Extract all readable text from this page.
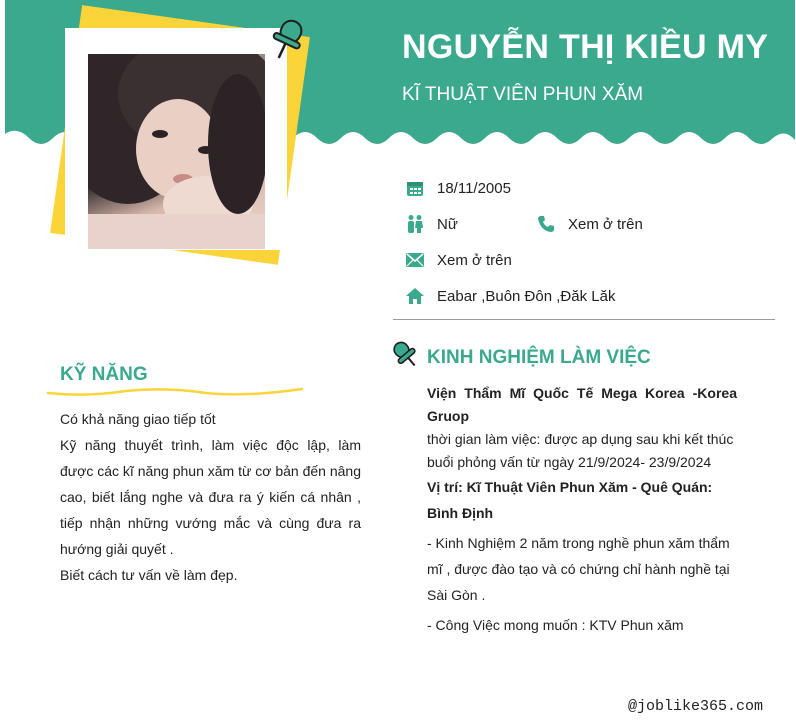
NGUYỄN THỊ KIỀU MY
KĨ THUẬT VIÊN PHUN XĂM
18/11/2005
Nữ	Xem ở trên
Xem ở trên
Eabar ,Buôn Đôn ,Đăk Lăk
KỸ NĂNG

Có khả năng giao tiếp tốt

Kỹ năng thuyết trình, làm việc độc lập, làm được các kĩ năng phun xăm từ cơ bản đến nâng cao, biết lắng nghe và đưa ra ý kiến cá nhân , tiếp nhận những vướng mắc và cùng đưa ra hướng giải quyết .

Biết cách tư vấn về làm đẹp.

KINH NGHIỆM LÀM VIỆC
Viện Thẩm Mĩ Quốc Tế Mega Korea -Korea Gruop
thời gian làm việc: được ap dụng sau khi kết thúc buổi phỏng vấn từ ngày 21/9/2024- 23/9/2024
Vị trí: Kĩ Thuật Viên Phun Xăm - Quê Quán: Bình Định
- Kinh Nghiệm 2 năm trong nghề phun xăm thẩm mĩ , được đào tạo và có chứng chỉ hành nghề tại Sài Gòn .
- Công Việc mong muốn : KTV Phun xăm
@joblike365.com
